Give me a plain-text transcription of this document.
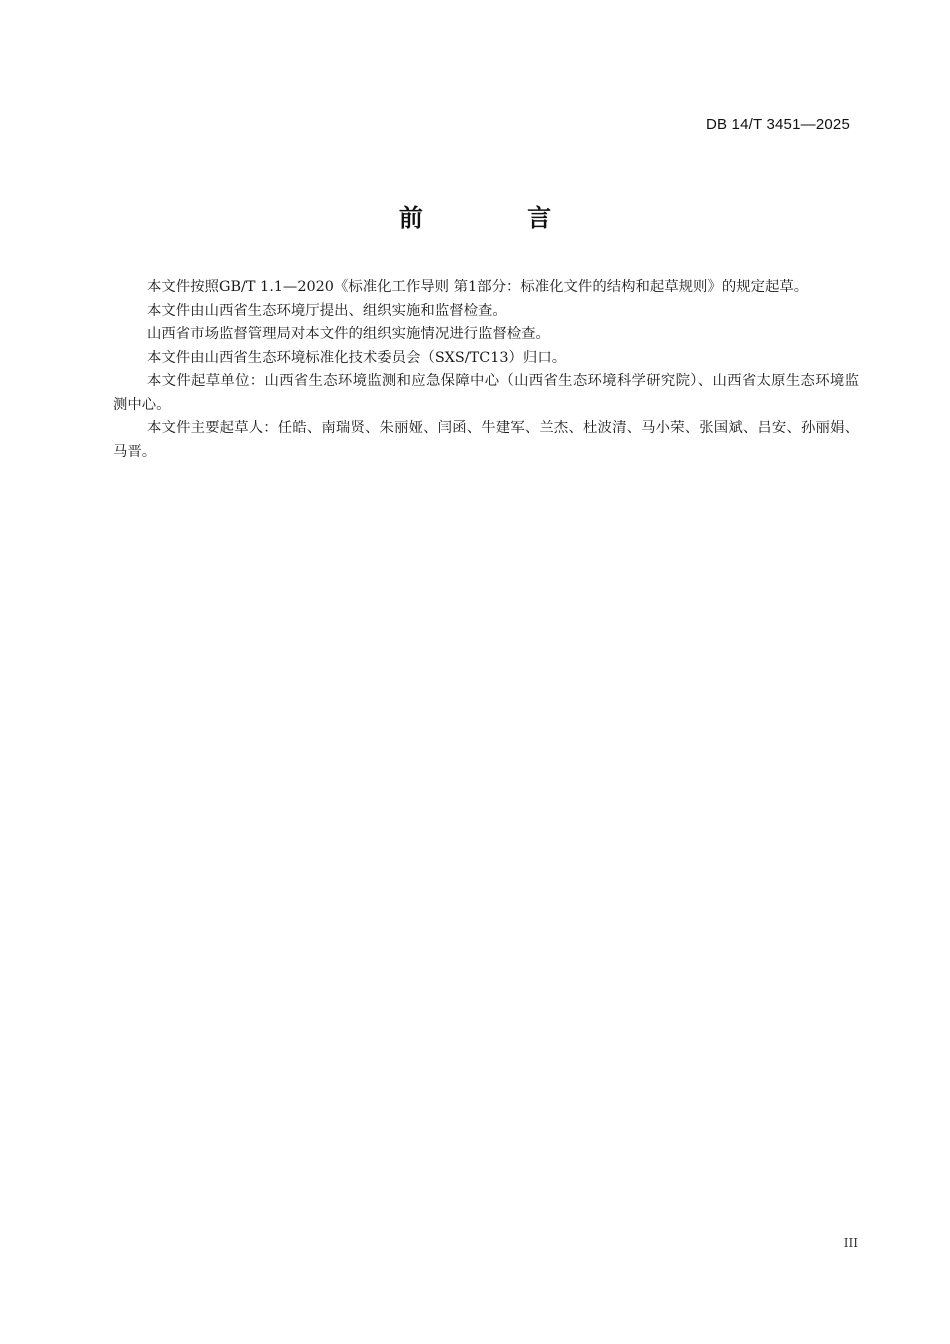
DB 14/T 3451—2025
前 言

本文件按照GB/T 1.1—2020《标准化工作导则 第1部分：标准化文件的结构和起草规则》的规定起草。

本文件由山西省生态环境厅提出、组织实施和监督检查。

山西省市场监督管理局对本文件的组织实施情况进行监督检查。

本文件由山西省生态环境标准化技术委员会（SXS/TC13）归口。

本文件起草单位：山西省生态环境监测和应急保障中心（山西省生态环境科学研究院）、山西省太原生态环境监测中心。

本文件主要起草人：任皓、南瑞贤、朱丽娅、闫函、牛建军、兰杰、杜波清、马小荣、张国斌、吕安、孙丽娟、马晋。

III
